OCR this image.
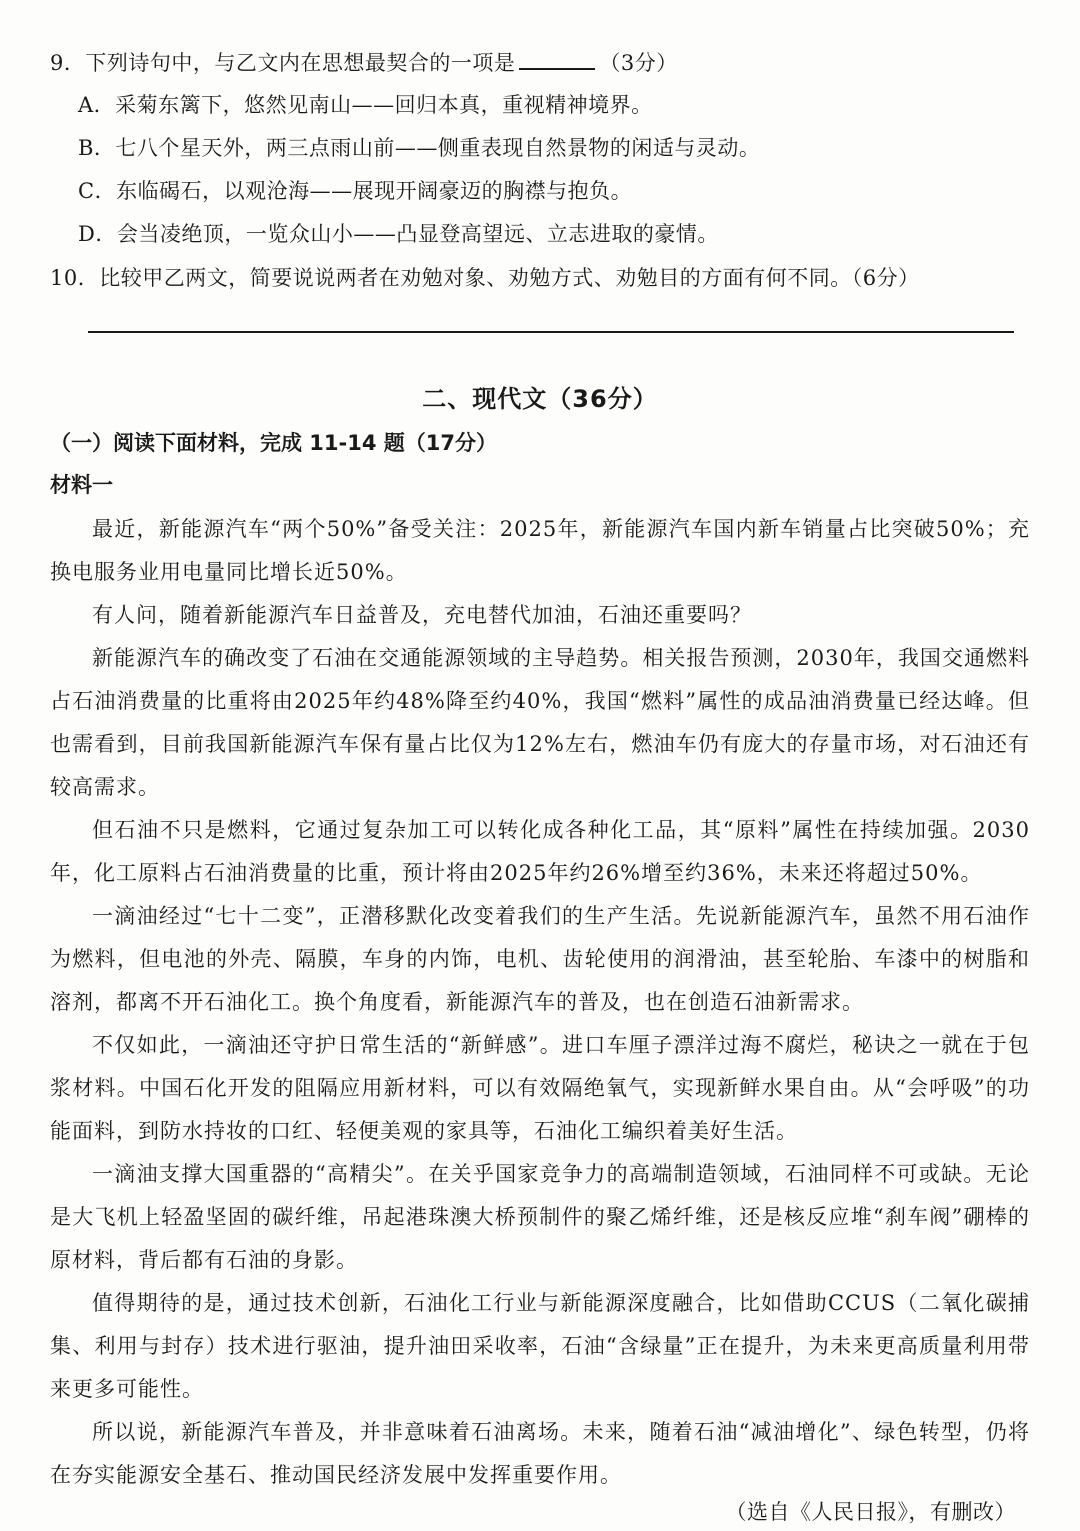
9．下列诗句中，与乙文内在思想最契合的一项是	（3分）
A．采菊东篱下，悠然见南山——回归本真，重视精神境界。
B．七八个星天外，两三点雨山前——侧重表现自然景物的闲适与灵动。
C．东临碣石，以观沧海——展现开阔豪迈的胸襟与抱负。
D．会当凌绝顶，一览众山小——凸显登高望远、立志进取的豪情。
10．比较甲乙两文，简要说说两者在劝勉对象、劝勉方式、劝勉目的方面有何不同。（6分）
二、现代文（36分）
（一）阅读下面材料，完成 11-14 题（17分）
材料一

最近，新能源汽车“两个50%”备受关注：2025年，新能源汽车国内新车销量占比突破50%；充换电服务业用电量同比增长近50%。

有人问，随着新能源汽车日益普及，充电替代加油，石油还重要吗？

新能源汽车的确改变了石油在交通能源领域的主导趋势。相关报告预测，2030年，我国交通燃料占石油消费量的比重将由2025年约48%降至约40%，我国“燃料”属性的成品油消费量已经达峰。但也需看到，目前我国新能源汽车保有量占比仅为12%左右，燃油车仍有庞大的存量市场，对石油还有较高需求。

但石油不只是燃料，它通过复杂加工可以转化成各种化工品，其“原料”属性在持续加强。2030年，化工原料占石油消费量的比重，预计将由2025年约26%增至约36%，未来还将超过50%。

一滴油经过“七十二变”，正潜移默化改变着我们的生产生活。先说新能源汽车，虽然不用石油作为燃料，但电池的外壳、隔膜，车身的内饰，电机、齿轮使用的润滑油，甚至轮胎、车漆中的树脂和溶剂，都离不开石油化工。换个角度看，新能源汽车的普及，也在创造石油新需求。

不仅如此，一滴油还守护日常生活的“新鲜感”。进口车厘子漂洋过海不腐烂，秘诀之一就在于包浆材料。中国石化开发的阻隔应用新材料，可以有效隔绝氧气，实现新鲜水果自由。从“会呼吸”的功能面料，到防水持妆的口红、轻便美观的家具等，石油化工编织着美好生活。

一滴油支撑大国重器的“高精尖”。在关乎国家竞争力的高端制造领域，石油同样不可或缺。无论是大飞机上轻盈坚固的碳纤维，吊起港珠澳大桥预制件的聚乙烯纤维，还是核反应堆“刹车阀”硼棒的原材料，背后都有石油的身影。

值得期待的是，通过技术创新，石油化工行业与新能源深度融合，比如借助CCUS（二氧化碳捕集、利用与封存）技术进行驱油，提升油田采收率，石油“含绿量”正在提升，为未来更高质量利用带来更多可能性。

所以说，新能源汽车普及，并非意味着石油离场。未来，随着石油“减油增化”、绿色转型，仍将在夯实能源安全基石、推动国民经济发展中发挥重要作用。

（选自《人民日报》，有删改）
